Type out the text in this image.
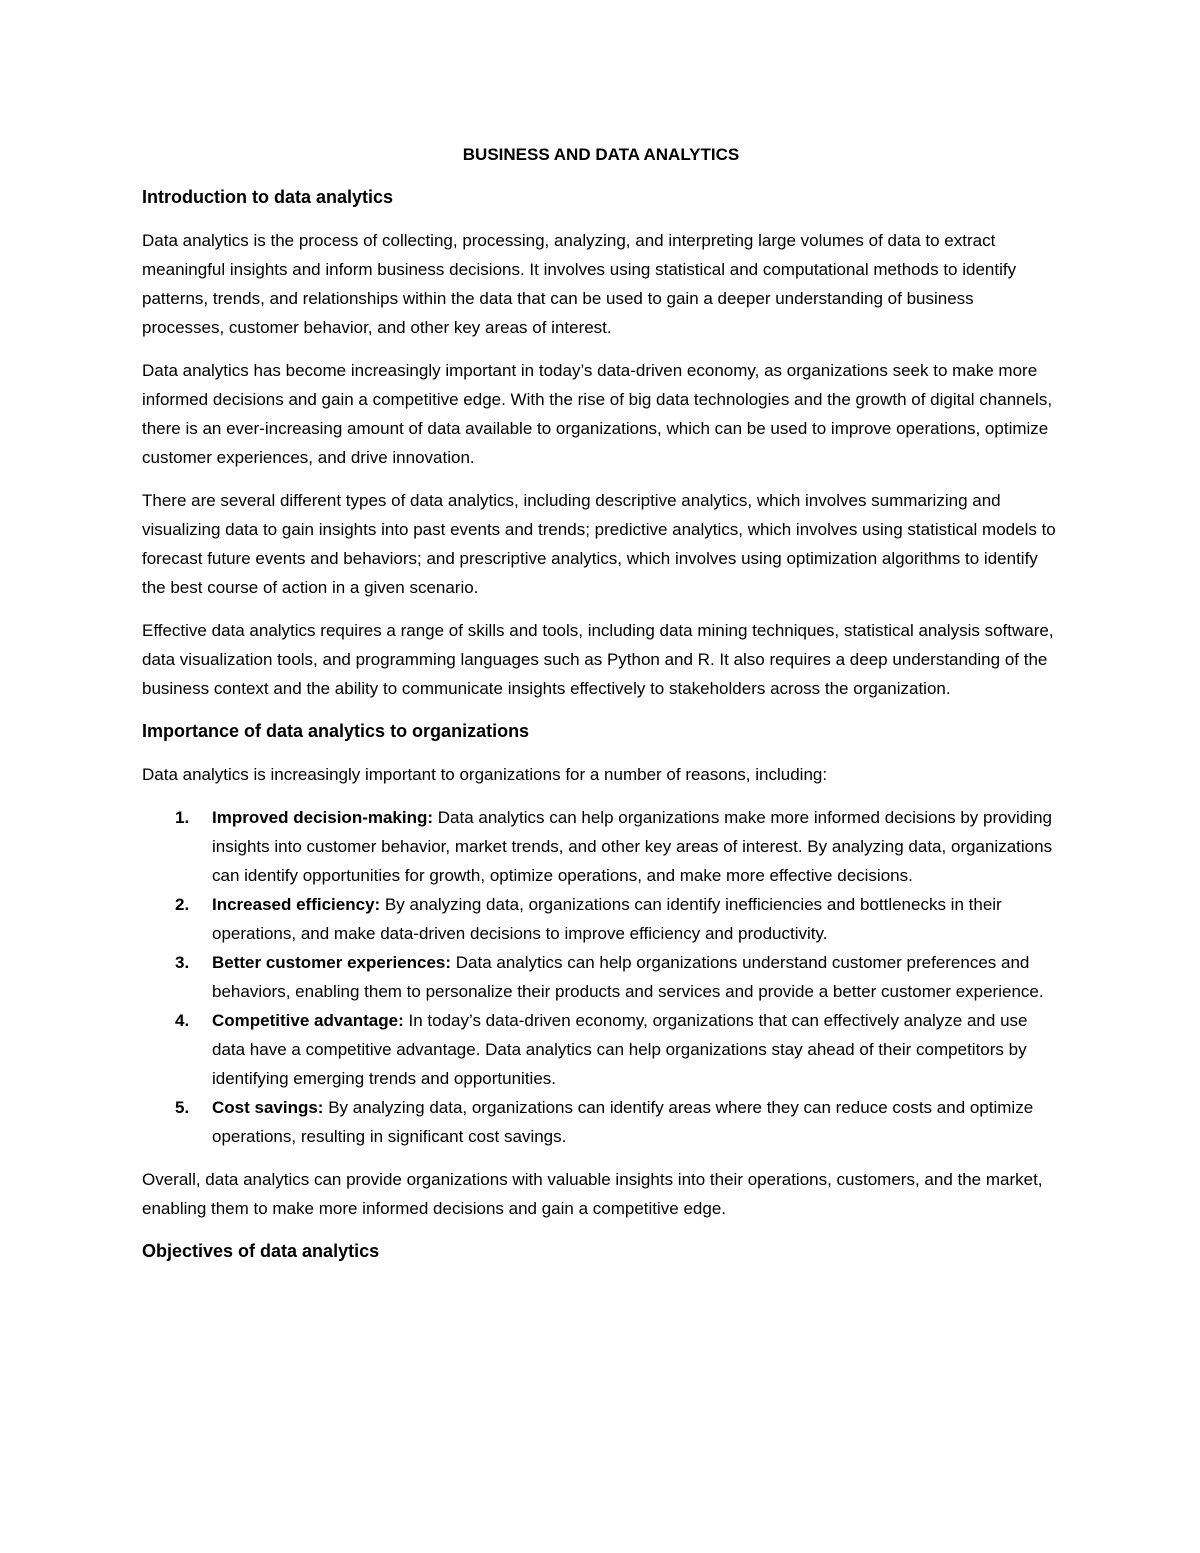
BUSINESS AND DATA ANALYTICS
Introduction to data analytics

Data analytics is the process of collecting, processing, analyzing, and interpreting large volumes of data to extract meaningful insights and inform business decisions. It involves using statistical and computational methods to identify patterns, trends, and relationships within the data that can be used to gain a deeper understanding of business processes, customer behavior, and other key areas of interest.

Data analytics has become increasingly important in today’s data-driven economy, as organizations seek to make more informed decisions and gain a competitive edge. With the rise of big data technologies and the growth of digital channels, there is an ever-increasing amount of data available to organizations, which can be used to improve operations, optimize customer experiences, and drive innovation.

There are several different types of data analytics, including descriptive analytics, which involves summarizing and visualizing data to gain insights into past events and trends; predictive analytics, which involves using statistical models to forecast future events and behaviors; and prescriptive analytics, which involves using optimization algorithms to identify the best course of action in a given scenario.

Effective data analytics requires a range of skills and tools, including data mining techniques, statistical analysis software, data visualization tools, and programming languages such as Python and R. It also requires a deep understanding of the business context and the ability to communicate insights effectively to stakeholders across the organization.

Importance of data analytics to organizations

Data analytics is increasingly important to organizations for a number of reasons, including:

1. Improved decision-making: Data analytics can help organizations make more informed decisions by providing insights into customer behavior, market trends, and other key areas of interest. By analyzing data, organizations can identify opportunities for growth, optimize operations, and make more effective decisions.
2. Increased efficiency: By analyzing data, organizations can identify inefficiencies and bottlenecks in their operations, and make data-driven decisions to improve efficiency and productivity.
3. Better customer experiences: Data analytics can help organizations understand customer preferences and behaviors, enabling them to personalize their products and services and provide a better customer experience.
4. Competitive advantage: In today’s data-driven economy, organizations that can effectively analyze and use data have a competitive advantage. Data analytics can help organizations stay ahead of their competitors by identifying emerging trends and opportunities.
5. Cost savings: By analyzing data, organizations can identify areas where they can reduce costs and optimize operations, resulting in significant cost savings.

Overall, data analytics can provide organizations with valuable insights into their operations, customers, and the market, enabling them to make more informed decisions and gain a competitive edge.

Objectives of data analytics
